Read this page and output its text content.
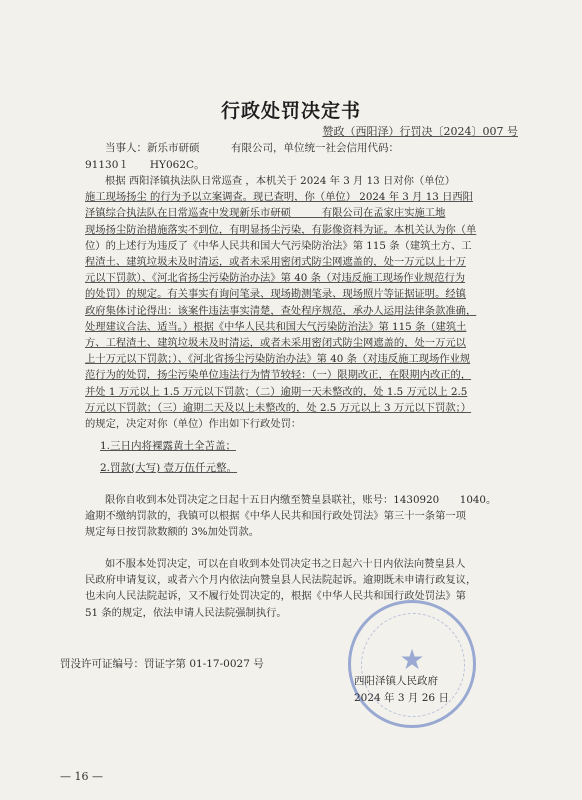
行政处罚决定书
赞政（西阳泽）行罚决〔2024〕007 号
当事人：新乐市研硕　　　有限公司，单位统一社会信用代码：
91130１　　HY062C。

根据 西阳泽镇执法队日常巡查 ，本机关于 2024 年 3 月 13 日对你（单位）

施工现场扬尘 的行为予以立案调查。现已查明，你（单位） 2024 年 3 月 13 日西阳

泽镇综合执法队在日常巡查中发现新乐市研硕　　　有限公司在孟家庄实施工地

现场扬尘防治措施落实不到位，有明显扬尘污染，有影像资料为证。本机关认为你（单

位）的上述行为违反了《中华人民共和国大气污染防治法》第 115 条（建筑土方、工

程渣土、建筑垃圾未及时清运，或者未采用密闭式防尘网遮盖的，处一万元以上十万

元以下罚款）、《河北省扬尘污染防治办法》第 40 条（对违反施工现场作业规范行为

的处罚）的规定。有关事实有询问笔录、现场勘测笔录、现场照片等证据证明。经镇

政府集体讨论得出：该案件违法事实清楚，查处程序规范，承办人运用法律条款准确，

处理建议合法、适当。）根据《中华人民共和国大气污染防治法》第 115 条（建筑土

方、工程渣土、建筑垃圾未及时清运，或者未采用密闭式防尘网遮盖的，处一万元以

上十万元以下罚款；）、《河北省扬尘污染防治办法》第 40 条（对违反施工现场作业规

范行为的处罚，扬尘污染单位违法行为情节较轻：（一）限期改正，在限期内改正的，

并处 1 万元以上 1.5 万元以下罚款；（二）逾期一天未整改的，处 1.5 万元以上 2.5

万元以下罚款；（三）逾期二天及以上未整改的，处 2.5 万元以上 3 万元以下罚款；）

的规定，决定对你（单位）作出如下行政处罚：

1.三日内将裸露黄土全苫盖；
2.罚款(大写) 壹万伍仟元整。

限你自收到本处罚决定之日起十五日内缴至赞皇县联社，账号：1430920　　1040。

逾期不缴纳罚款的，我镇可以根据《中华人民共和国行政处罚法》第三十一条第一项

规定每日按罚款数额的 3%加处罚款。

如不服本处罚决定，可以在自收到本处罚决定书之日起六十日内依法向赞皇县人

民政府申请复议，或者六个月内依法向赞皇县人民法院起诉。逾期既未申请行政复议，

也未向人民法院起诉，又不履行处罚决定的，根据《中华人民共和国行政处罚法》第

51 条的规定，依法申请人民法院强制执行。

罚没许可证编号：罚证字第 01-17-0027 号	★
西阳泽镇人民政府
2024 年 3 月 26 日
— 16 —
